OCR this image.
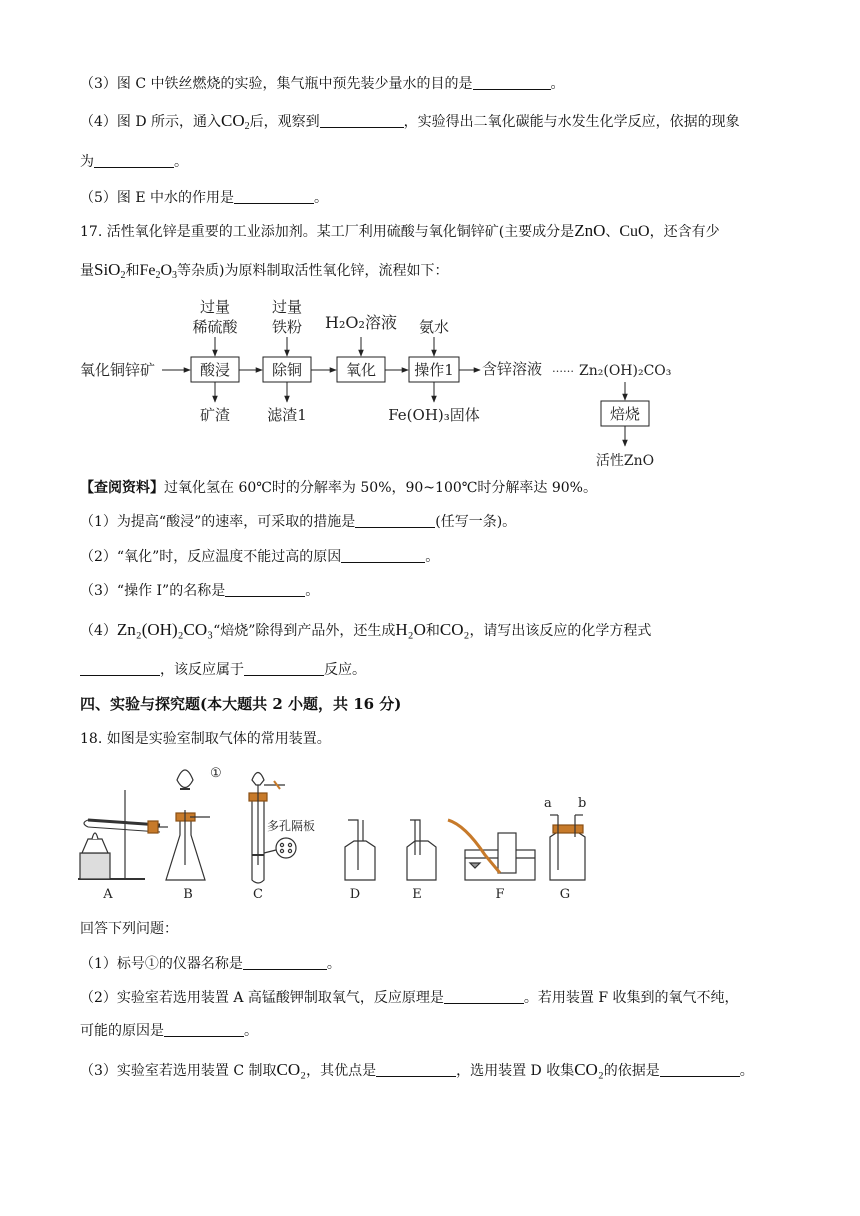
（3）图 C 中铁丝燃烧的实验，集气瓶中预先装少量水的目的是	。
（4）图 D 所示，通入$CO_2$后，观察到	，实验得出二氧化碳能与水发生化学反应，依据的现象
为	。
（5）图 E 中水的作用是	。
17. 活性氧化锌是重要的工业添加剂。某工厂利用硫酸与氧化铜锌矿(主要成分是ZnO、CuO，还含有少
量SiO$_2$和$Fe_2O_3$等杂质)为原料制取活性氧化锌，流程如下：
氧化铜锌矿
过量
稀硫酸
过量
铁粉 H₂O₂溶液 氨水
酸浸	除铜	氧化	操作1
矿渣 滤渣1	Fe(OH)₃固体
含锌溶液 …… Zn₂(OH)₂CO₃
焙烧
活性ZnO
【查阅资料】过氧化氢在 60℃时的分解率为 50%，90~100℃时分解率达 90%。
（1）为提高“酸浸”的速率，可采取的措施是	(任写一条)。
（2）“氧化”时，反应温度不能过高的原因	。
（3）“操作 I”的名称是	。
（4）Zn₂(OH)₂CO₃“焙烧”除得到产品外，还生成H₂O和CO₂，请写出该反应的化学方程式
，该反应属于	反应。
四、实验与探究题(本大题共 2 小题，共 16 分)
18. 如图是实验室制取气体的常用装置。
①
多孔隔板
a b
A	B	C	D	E	F	G
回答下列问题：
（1）标号①的仪器名称是	。
（2）实验室若选用装置 A 高锰酸钾制取氧气，反应原理是	。若用装置 F 收集到的氧气不纯，
可能的原因是	。
（3）实验室若选用装置 C 制取CO₂，其优点是	，选用装置 D 收集CO₂的依据是	。
